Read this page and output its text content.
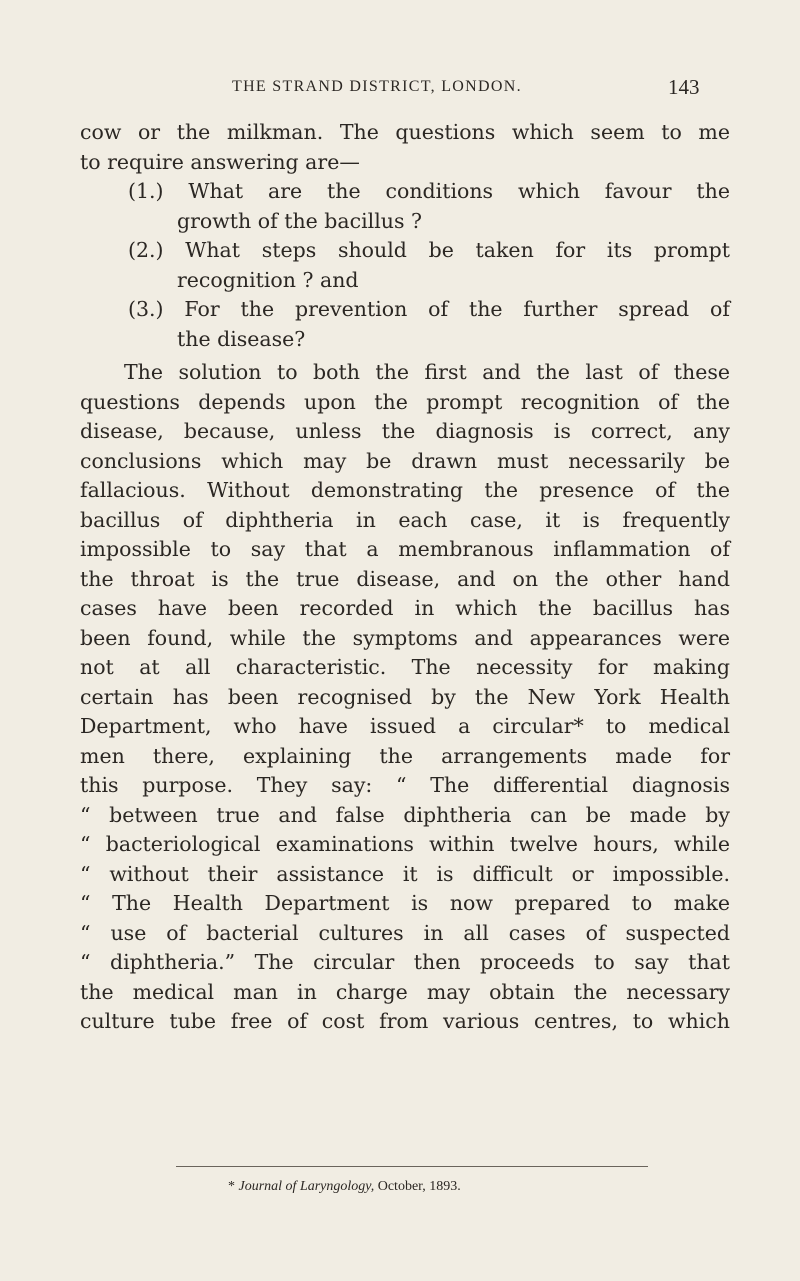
THE STRAND DISTRICT, LONDON.	143
cow or the milkman. The questions which seem to me
to require answering are—
(1.) What are the conditions which favour the
growth of the bacillus ?
(2.) What steps should be taken for its prompt
recognition ? and
(3.) For the prevention of the further spread of
the disease?
The solution to both the first and the last of these
questions depends upon the prompt recognition of the
disease, because, unless the diagnosis is correct, any
conclusions which may be drawn must necessarily be
fallacious. Without demonstrating the presence of the
bacillus of diphtheria in each case, it is frequently
impossible to say that a membranous inflammation of
the throat is the true disease, and on the other hand
cases have been recorded in which the bacillus has
been found, while the symptoms and appearances were
not at all characteristic. The necessity for making
certain has been recognised by the New York Health
Department, who have issued a circular* to medical
men there, explaining the arrangements made for
this purpose. They say: “ The differential diagnosis
“ between true and false diphtheria can be made by
“ bacteriological examinations within twelve hours, while
“ without their assistance it is difficult or impossible.
“ The Health Department is now prepared to make
“ use of bacterial cultures in all cases of suspected
“ diphtheria.” The circular then proceeds to say that
the medical man in charge may obtain the necessary
culture tube free of cost from various centres, to which
* Journal of Laryngology, October, 1893.
